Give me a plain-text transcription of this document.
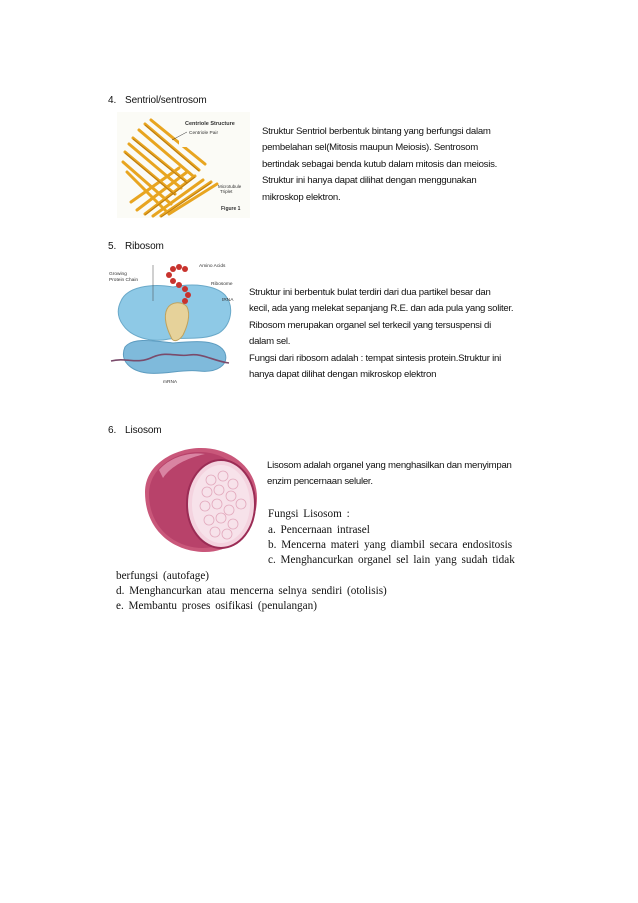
4. Sentriol/sentrosom
Centriole Structure
Centriole Pair
Microtubule
Triplet
Figure 1
Struktur Sentriol berbentuk bintang yang berfungsi dalam
pembelahan sel(Mitosis maupun Meiosis). Sentrosom
bertindak sebagai benda kutub dalam mitosis dan meiosis.
Struktur ini hanya dapat dilihat dengan menggunakan
mikroskop elektron.
5. Ribosom
Growing
Protein Chain
Amino Acids
Ribosome
tRNA
mRNA
Struktur ini berbentuk bulat terdiri dari dua partikel besar dan
kecil, ada yang melekat sepanjang R.E. dan ada pula yang soliter.
Ribosom merupakan organel sel terkecil yang tersuspensi di
dalam sel.
Fungsi dari ribosom adalah : tempat sintesis protein.Struktur ini
hanya dapat dilihat dengan mikroskop elektron
6. Lisosom
Lisosom adalah organel yang menghasilkan dan menyimpan
enzim pencernaan seluler.
Fungsi Lisosom :
a. Pencernaan intrasel
b. Mencerna materi yang diambil secara endositosis
c. Menghancurkan organel sel lain yang sudah tidak
berfungsi (autofage)
d. Menghancurkan atau mencerna selnya sendiri (otolisis)
e. Membantu proses osifikasi (penulangan)
